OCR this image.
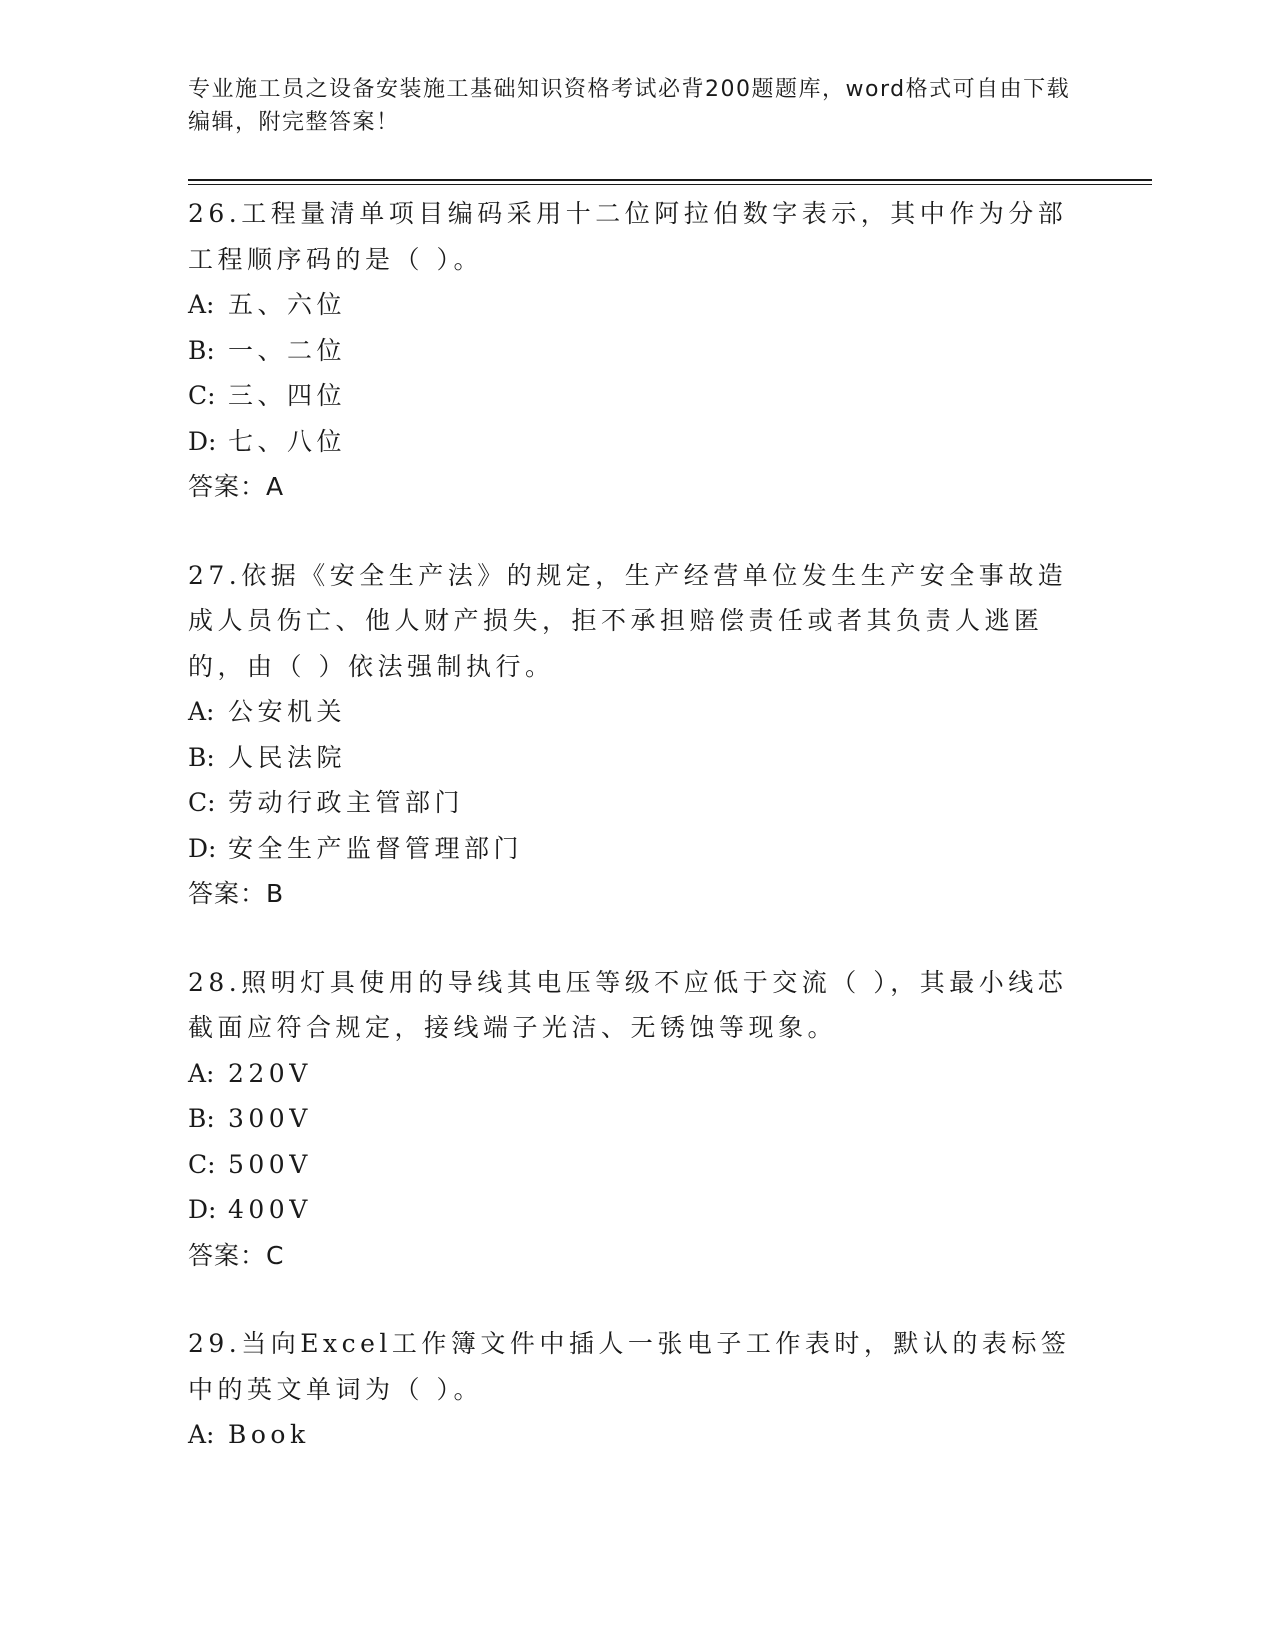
专业施工员之设备安装施工基础知识资格考试必背200题题库，word格式可自由下载编辑，附完整答案！

26.工程量清单项目编码采用十二位阿拉伯数字表示，其中作为分部工程顺序码的是（ ）。

A: 五、六位

B: 一、二位

C: 三、四位

D: 七、八位

答案：A

27.依据《安全生产法》的规定，生产经营单位发生生产安全事故造成人员伤亡、他人财产损失，拒不承担赔偿责任或者其负责人逃匿的，由（ ）依法强制执行。

A: 公安机关

B: 人民法院

C: 劳动行政主管部门

D: 安全生产监督管理部门

答案：B

28.照明灯具使用的导线其电压等级不应低于交流（ ），其最小线芯截面应符合规定，接线端子光洁、无锈蚀等现象。

A: 220V

B: 300V

C: 500V

D: 400V

答案：C

29.当向Excel工作簿文件中插人一张电子工作表时，默认的表标签中的英文单词为（ ）。

A: Book
